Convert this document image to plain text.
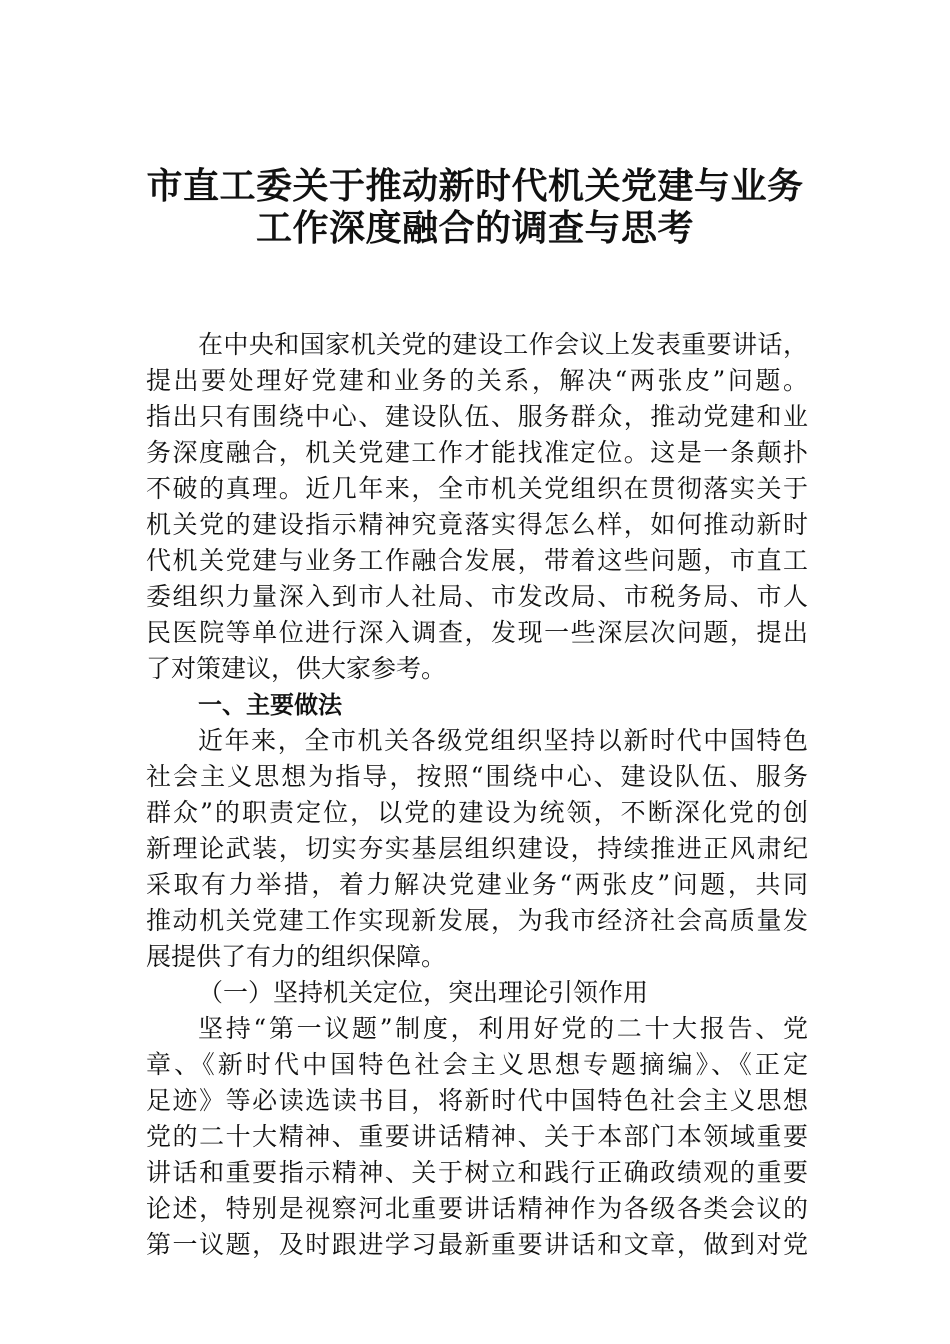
市直工委关于推动新时代机关党建与业务
工作深度融合的调查与思考
在中央和国家机关党的建设工作会议上发表重要讲话，
提出要处理好党建和业务的关系，解决“两张皮”问题。
指出只有围绕中心、建设队伍、服务群众，推动党建和业
务深度融合，机关党建工作才能找准定位。这是一条颠扑
不破的真理。近几年来，全市机关党组织在贯彻落实关于
机关党的建设指示精神究竟落实得怎么样，如何推动新时
代机关党建与业务工作融合发展，带着这些问题，市直工
委组织力量深入到市人社局、市发改局、市税务局、市人
民医院等单位进行深入调查，发现一些深层次问题，提出
了对策建议，供大家参考。
一、主要做法
近年来，全市机关各级党组织坚持以新时代中国特色
社会主义思想为指导，按照“围绕中心、建设队伍、服务
群众”的职责定位，以党的建设为统领，不断深化党的创
新理论武装，切实夯实基层组织建设，持续推进正风肃纪
采取有力举措，着力解决党建业务“两张皮”问题，共同
推动机关党建工作实现新发展，为我市经济社会高质量发
展提供了有力的组织保障。
（一）坚持机关定位，突出理论引领作用
坚持“第一议题”制度，利用好党的二十大报告、党
章、《新时代中国特色社会主义思想专题摘编》、《正定
足迹》等必读选读书目，将新时代中国特色社会主义思想
党的二十大精神、重要讲话精神、关于本部门本领域重要
讲话和重要指示精神、关于树立和践行正确政绩观的重要
论述，特别是视察河北重要讲话精神作为各级各类会议的
第一议题，及时跟进学习最新重要讲话和文章，做到对党
